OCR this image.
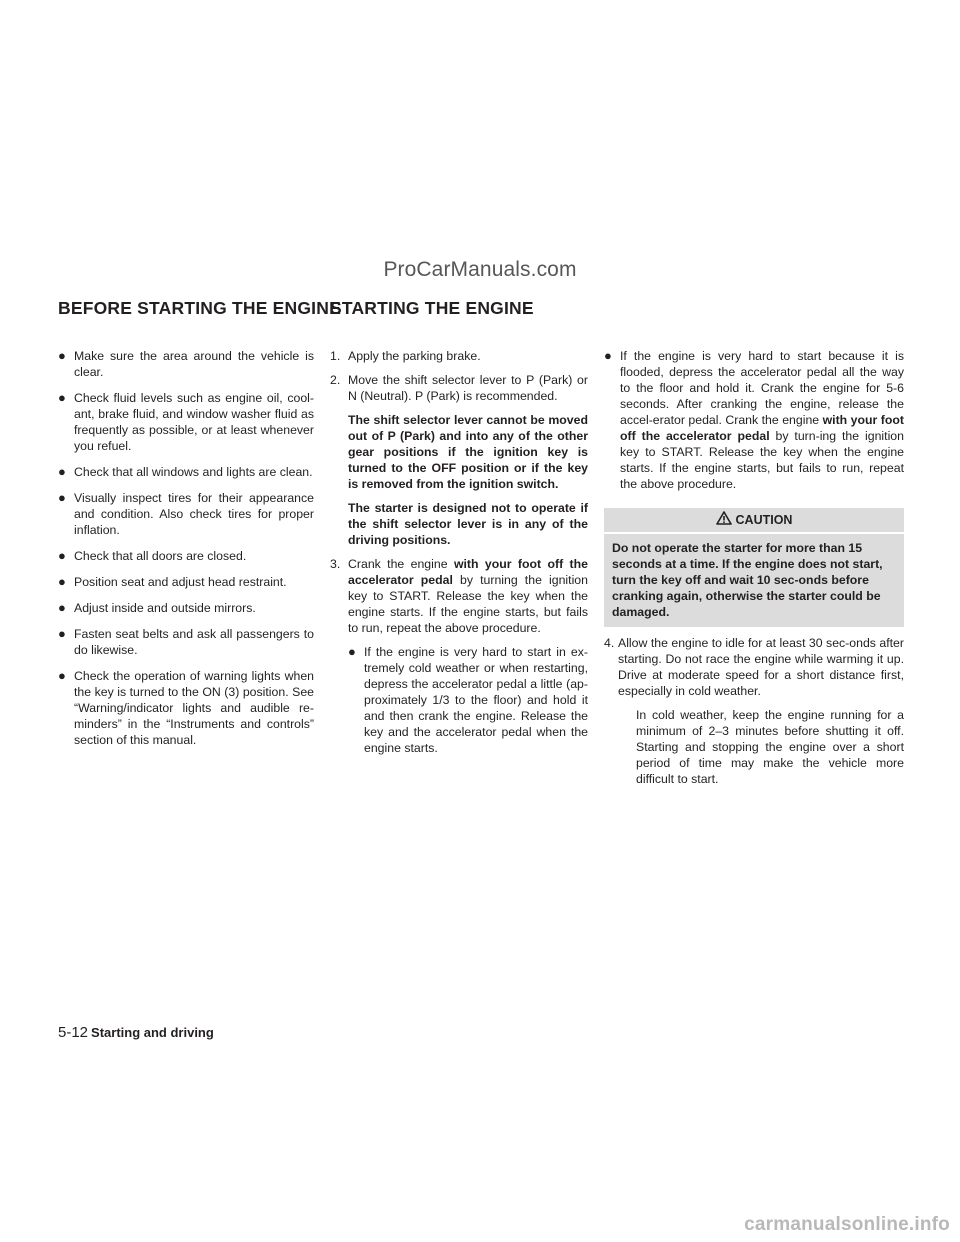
ProCarManuals.com
BEFORE STARTING THE ENGINE
STARTING THE ENGINE
● Make sure the area around the vehicle is clear.
● Check fluid levels such as engine oil, cool-ant, brake fluid, and window washer fluid as frequently as possible, or at least whenever you refuel.
● Check that all windows and lights are clean.
● Visually inspect tires for their appearance and condition. Also check tires for proper inflation.
● Check that all doors are closed.
● Position seat and adjust head restraint.
● Adjust inside and outside mirrors.
● Fasten seat belts and ask all passengers to do likewise.
● Check the operation of warning lights when the key is turned to the ON (3) position. See “Warning/indicator lights and audible re-minders” in the “Instruments and controls” section of this manual.
1. Apply the parking brake.
2. Move the shift selector lever to P (Park) or N (Neutral). P (Park) is recommended.
The shift selector lever cannot be moved out of P (Park) and into any of the other gear positions if the ignition key is turned to the OFF position or if the key is removed from the ignition switch.
The starter is designed not to operate if the shift selector lever is in any of the driving positions.
3. Crank the engine with your foot off the accelerator pedal by turning the ignition key to START. Release the key when the engine starts. If the engine starts, but fails to run, repeat the above procedure.
● If the engine is very hard to start in ex-tremely cold weather or when restarting, depress the accelerator pedal a little (ap-proximately 1/3 to the floor) and hold it and then crank the engine. Release the key and the accelerator pedal when the engine starts.
● If the engine is very hard to start because it is flooded, depress the accelerator pedal all the way to the floor and hold it. Crank the engine for 5-6 seconds. After cranking the engine, release the accel-erator pedal. Crank the engine with your foot off the accelerator pedal by turn-ing the ignition key to START. Release the key when the engine starts. If the engine starts, but fails to run, repeat the above procedure.
CAUTION
Do not operate the starter for more than 15 seconds at a time. If the engine does not start, turn the key off and wait 10 sec-onds before cranking again, otherwise the starter could be damaged.
4. Allow the engine to idle for at least 30 sec-onds after starting. Do not race the engine while warming it up. Drive at moderate speed for a short distance first, especially in cold weather.
In cold weather, keep the engine running for a minimum of 2–3 minutes before shutting it off. Starting and stopping the engine over a short period of time may make the vehicle more difficult to start.
5-12 Starting and driving
carmanualsonline.info
